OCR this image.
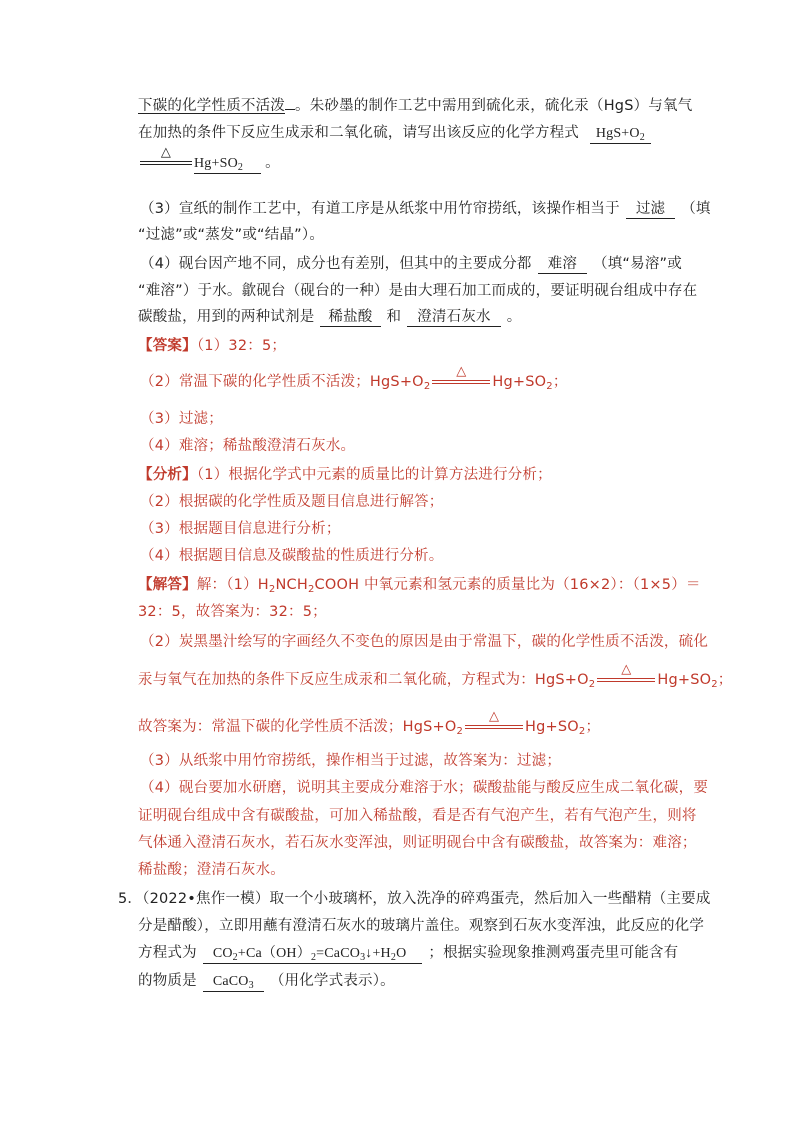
下碳的化学性质不活泼 。朱砂墨的制作工艺中需用到硫化汞，硫化汞（HgS）与氧气
在加热的条件下反应生成汞和二氧化硫，请写出该反应的化学方程式 $HgS+O_2$
△
$Hg+SO_2$ 。
（3）宣纸的制作工艺中，有道工序是从纸浆中用竹帘捞纸，该操作相当于 过滤 （填
“过滤”或“蒸发”或“结晶”）。
（4）砚台因产地不同，成分也有差别，但其中的主要成分都 难溶 （填“易溶”或
“难溶”）于水。歙砚台（砚台的一种）是由大理石加工而成的，要证明砚台组成中存在
碳酸盐，用到的两种试剂是 稀盐酸 和 澄清石灰水 。
【答案】（1）32：5；
（2）常温下碳的化学性质不活泼；$HgS+O_2$
△
$Hg+SO_2$；
（3）过滤；
（4）难溶；稀盐酸澄清石灰水。
【分析】（1）根据化学式中元素的质量比的计算方法进行分析；
（2）根据碳的化学性质及题目信息进行解答；
（3）根据题目信息进行分析；
（4）根据题目信息及碳酸盐的性质进行分析。
【解答】解：$(1)H_2NCH_2COOH$ 中氧元素和氢元素的质量比为（16×2）：（1×5）＝
32：5，故答案为：32：5；
（2）炭黑墨汁绘写的字画经久不变色的原因是由于常温下，碳的化学性质不活泼，硫化
汞与氧气在加热的条件下反应生成汞和二氧化硫，方程式为：$HgS+O_2$
△
$Hg+SO_2$；
故答案为：常温下碳的化学性质不活泼；$HgS+O_2$
△
$Hg+SO_2$；
（3）从纸浆中用竹帘捞纸，操作相当于过滤，故答案为：过滤；
（4）砚台要加水研磨，说明其主要成分难溶于水；碳酸盐能与酸反应生成二氧化碳，要
证明砚台组成中含有碳酸盐，可加入稀盐酸，看是否有气泡产生，若有气泡产生，则将
气体通入澄清石灰水，若石灰水变浑浊，则证明砚台中含有碳酸盐，故答案为：难溶；
稀盐酸；澄清石灰水。
5．（2022•焦作一模）取一个小玻璃杯，放入洗净的碎鸡蛋壳，然后加入一些醋精（主要成
分是醋酸），立即用蘸有澄清石灰水的玻璃片盖住。观察到石灰水变浑浊，此反应的化学
方程式为 $CO_2+Ca(OH)_2=CaCO_3↓+H_2O$ ；根据实验现象推测鸡蛋壳里可能含有
的物质是 CaCO$_3$ （用化学式表示）。
